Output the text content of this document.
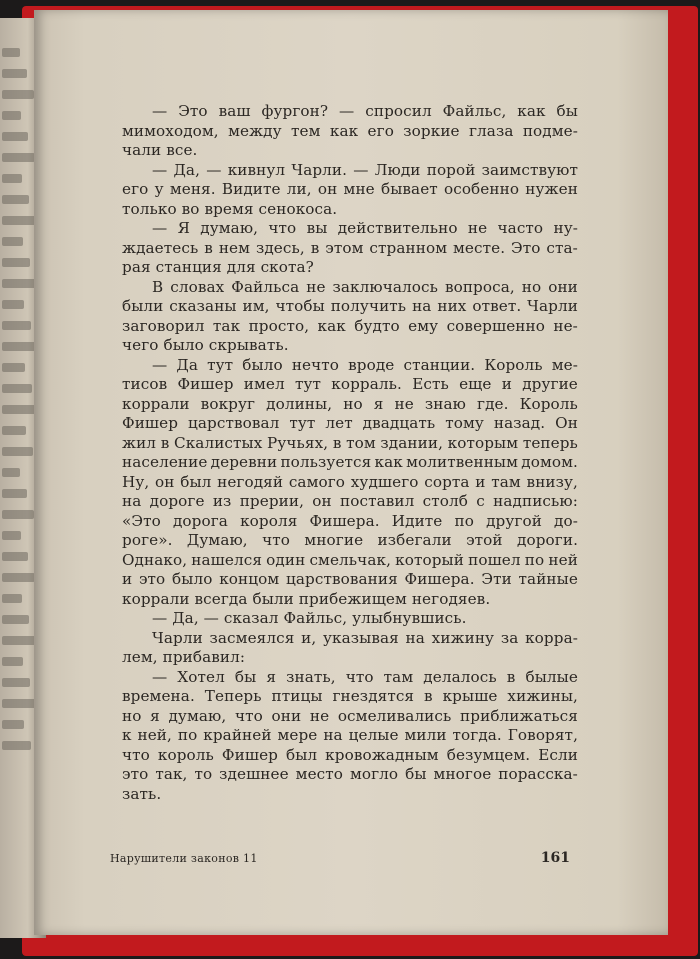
— Это ваш фургон? — спросил Файльс, как бы
мимоходом, между тем как его зоркие глаза подме-
чали все.
— Да, — кивнул Чарли. — Люди порой заимствуют
его у меня. Видите ли, он мне бывает особенно нужен
только во время сенокоса.
— Я думаю, что вы действительно не часто ну-
ждаетесь в нем здесь, в этом странном месте. Это ста-
рая станция для скота?
В словах Файльса не заключалось вопроса, но они
были сказаны им, чтобы получить на них ответ. Чарли
заговорил так просто, как будто ему совершенно не-
чего было скрывать.
— Да тут было нечто вроде станции. Король ме-
тисов Фишер имел тут корраль. Есть еще и другие
коррали вокруг долины, но я не знаю где. Король
Фишер царствовал тут лет двадцать тому назад. Он
жил в Скалистых Ручьях, в том здании, которым теперь
население деревни пользуется как молитвенным домом.
Ну, он был негодяй самого худшего сорта и там внизу,
на дороге из прерии, он поставил столб с надписью:
«Это дорога короля Фишера. Идите по другой до-
роге». Думаю, что многие избегали этой дороги.
Однако, нашелся один смельчак, который пошел по ней
и это было концом царствования Фишера. Эти тайные
коррали всегда были прибежищем негодяев.
— Да, — сказал Файльс, улыбнувшись.
Чарли засмеялся и, указывая на хижину за корра-
лем, прибавил:
— Хотел бы я знать, что там делалось в былые
времена. Теперь птицы гнездятся в крыше хижины,
но я думаю, что они не осмеливались приближаться
к ней, по крайней мере на целые мили тогда. Говорят,
что король Фишер был кровожадным безумцем. Если
это так, то здешнее место могло бы многое порасска-
зать.
Нарушители законов 11	161
